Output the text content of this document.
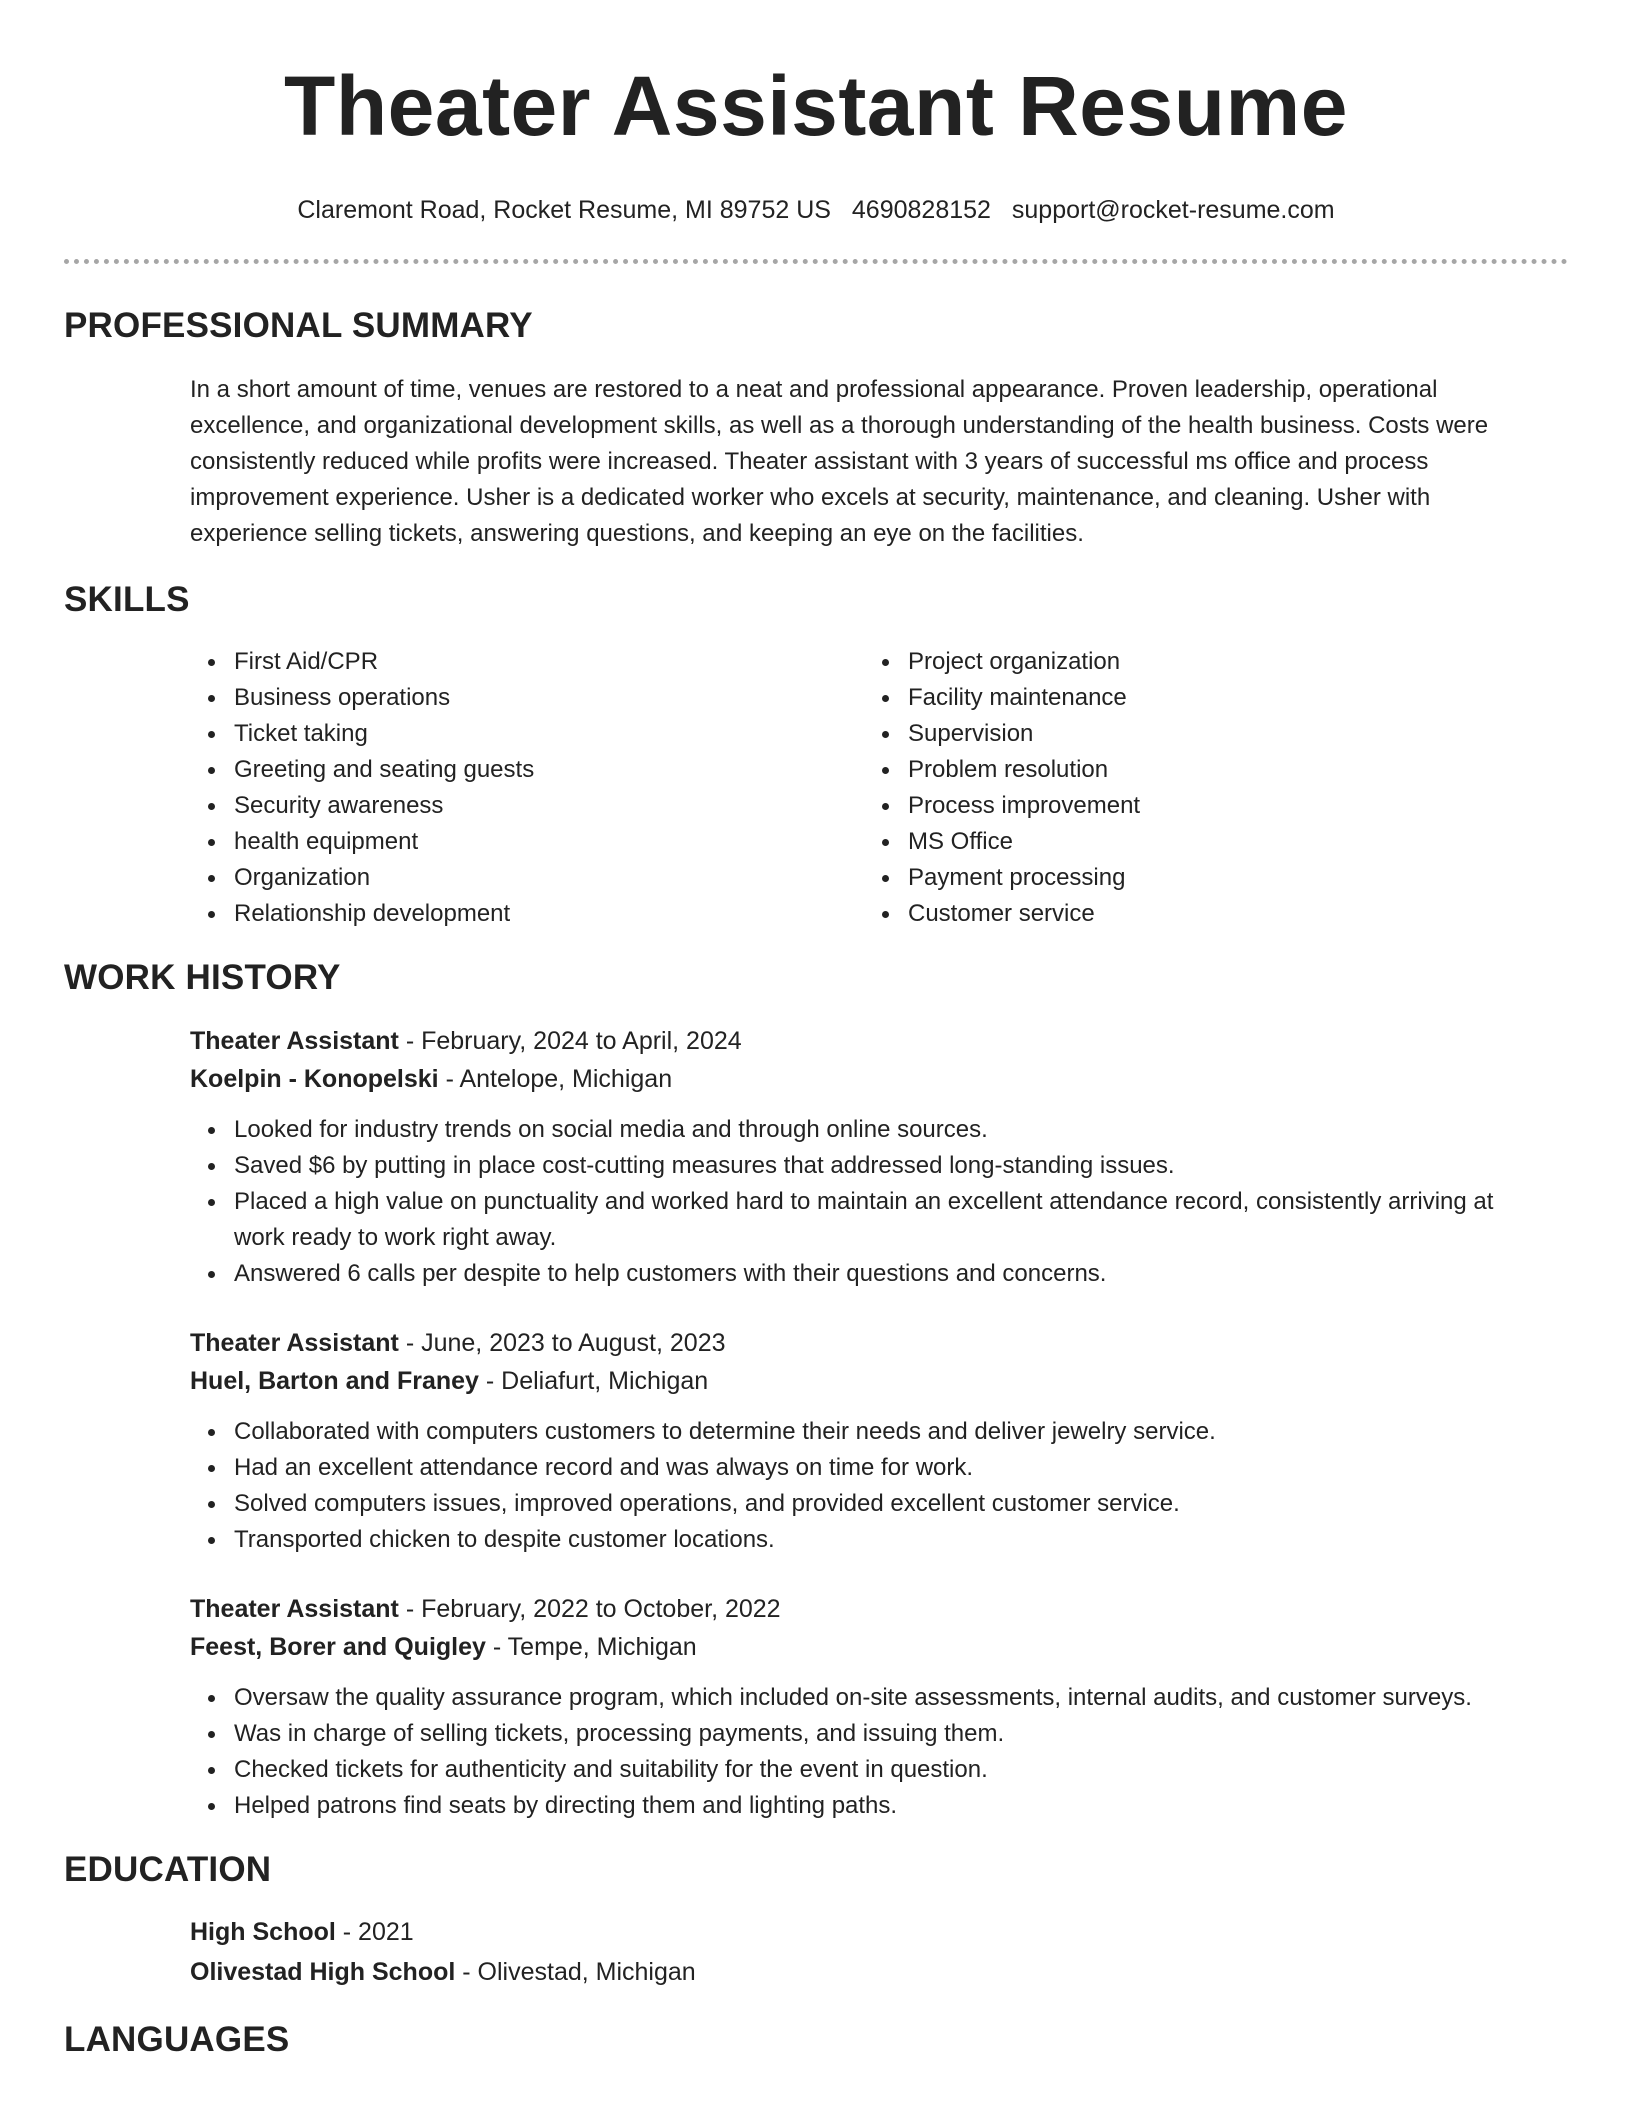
Theater Assistant Resume
Claremont Road, Rocket Resume, MI 89752 US 4690828152 support@rocket-resume.com
PROFESSIONAL SUMMARY

In a short amount of time, venues are restored to a neat and professional appearance. Proven leadership, operational excellence, and organizational development skills, as well as a thorough understanding of the health business. Costs were consistently reduced while profits were increased. Theater assistant with 3 years of successful ms office and process improvement experience. Usher is a dedicated worker who excels at security, maintenance, and cleaning. Usher with experience selling tickets, answering questions, and keeping an eye on the facilities.

SKILLS
First Aid/CPR
Business operations
Ticket taking
Greeting and seating guests
Security awareness
health equipment
Organization
Relationship development
Project organization
Facility maintenance
Supervision
Problem resolution
Process improvement
MS Office
Payment processing
Customer service
WORK HISTORY
Theater Assistant - February, 2024 to April, 2024
Koelpin - Konopelski - Antelope, Michigan
Looked for industry trends on social media and through online sources.
Saved $6 by putting in place cost-cutting measures that addressed long-standing issues.
Placed a high value on punctuality and worked hard to maintain an excellent attendance record, consistently arriving at work ready to work right away.
Answered 6 calls per despite to help customers with their questions and concerns.
Theater Assistant - June, 2023 to August, 2023
Huel, Barton and Franey - Deliafurt, Michigan
Collaborated with computers customers to determine their needs and deliver jewelry service.
Had an excellent attendance record and was always on time for work.
Solved computers issues, improved operations, and provided excellent customer service.
Transported chicken to despite customer locations.
Theater Assistant - February, 2022 to October, 2022
Feest, Borer and Quigley - Tempe, Michigan
Oversaw the quality assurance program, which included on-site assessments, internal audits, and customer surveys.
Was in charge of selling tickets, processing payments, and issuing them.
Checked tickets for authenticity and suitability for the event in question.
Helped patrons find seats by directing them and lighting paths.
EDUCATION
High School - 2021
Olivestad High School - Olivestad, Michigan
LANGUAGES
